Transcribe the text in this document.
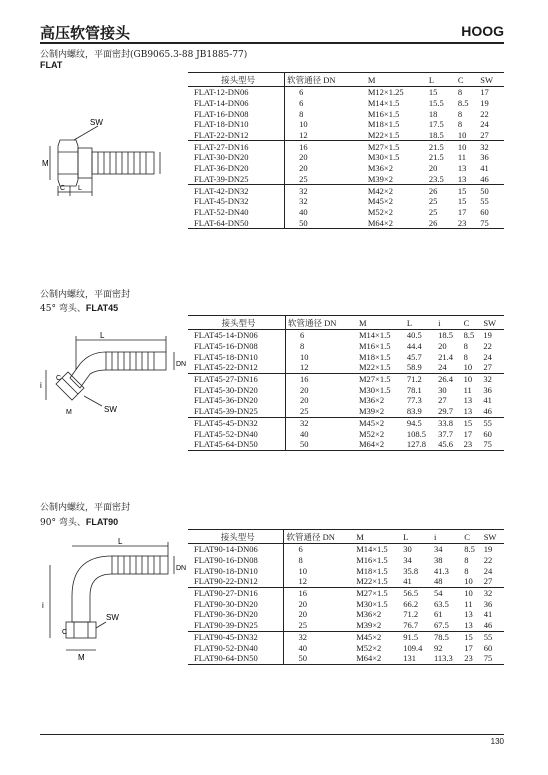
高压软管接头	HOOG
公制内螺纹，平面密封(GB9065.3-88 JB1885-77)
FLAT
SW
M
C L
接头型号	软管通径 DN	M	L	C	SW
FLAT-12-DN06	6	M12×1.25	15	8	17
FLAT-14-DN06	6	M14×1.5	15.5	8.5	19
FLAT-16-DN08	8	M16×1.5	18	8	22
FLAT-18-DN10	10	M18×1.5	17.5	8	24
FLAT-22-DN12	12	M22×1.5	18.5	10	27
FLAT-27-DN16	16	M27×1.5	21.5	10	32
FLAT-30-DN20	20	M30×1.5	21.5	11	36
FLAT-36-DN20	20	M36×2	20	13	41
FLAT-39-DN25	25	M39×2	23.5	13	46
FLAT-42-DN32	32	M42×2	26	15	50
FLAT-45-DN32	32	M45×2	25	15	55
FLAT-52-DN40	40	M52×2	25	17	60
FLAT-64-DN50	50	M64×2	26	23	75
公制内螺纹，平面密封
45° 弯头、FLAT45
L
i
C
DN
M	SW
接头型号	软管通径 DN	M	L	i	C	SW
FLAT45-14-DN06	6	M14×1.5	40.5	18.5	8.5	19
FLAT45-16-DN08	8	M16×1.5	44.4	20	8	22
FLAT45-18-DN10	10	M18×1.5	45.7	21.4	8	24
FLAT45-22-DN12	12	M22×1.5	58.9	24	10	27
FLAT45-27-DN16	16	M27×1.5	71.2	26.4	10	32
FLAT45-30-DN20	20	M30×1.5	78.1	30	11	36
FLAT45-36-DN20	20	M36×2	77.3	27	13	41
FLAT45-39-DN25	25	M39×2	83.9	29.7	13	46
FLAT45-45-DN32	32	M45×2	94.5	33.8	15	55
FLAT45-52-DN40	40	M52×2	108.5	37.7	17	60
FLAT45-64-DN50	50	M64×2	127.8	45.6	23	75
公制内螺纹，平面密封
90° 弯头、FLAT90
L
DN
SW
i
M
C
接头型号	软管通径 DN	M	L	i	C	SW
FLAT90-14-DN06	6	M14×1.5	30	34	8.5	19
FLAT90-16-DN08	8	M16×1.5	34	38	8	22
FLAT90-18-DN10	10	M18×1.5	35.8	41.3	8	24
FLAT90-22-DN12	12	M22×1.5	41	48	10	27
FLAT90-27-DN16	16	M27×1.5	56.5	54	10	32
FLAT90-30-DN20	20	M30×1.5	66.2	63.5	11	36
FLAT90-36-DN20	20	M36×2	71.2	61	13	41
FLAT90-39-DN25	25	M39×2	76.7	67.5	13	46
FLAT90-45-DN32	32	M45×2	91.5	78.5	15	55
FLAT90-52-DN40	40	M52×2	109.4	92	17	60
FLAT90-64-DN50	50	M64×2	131	113.3	23	75
130
